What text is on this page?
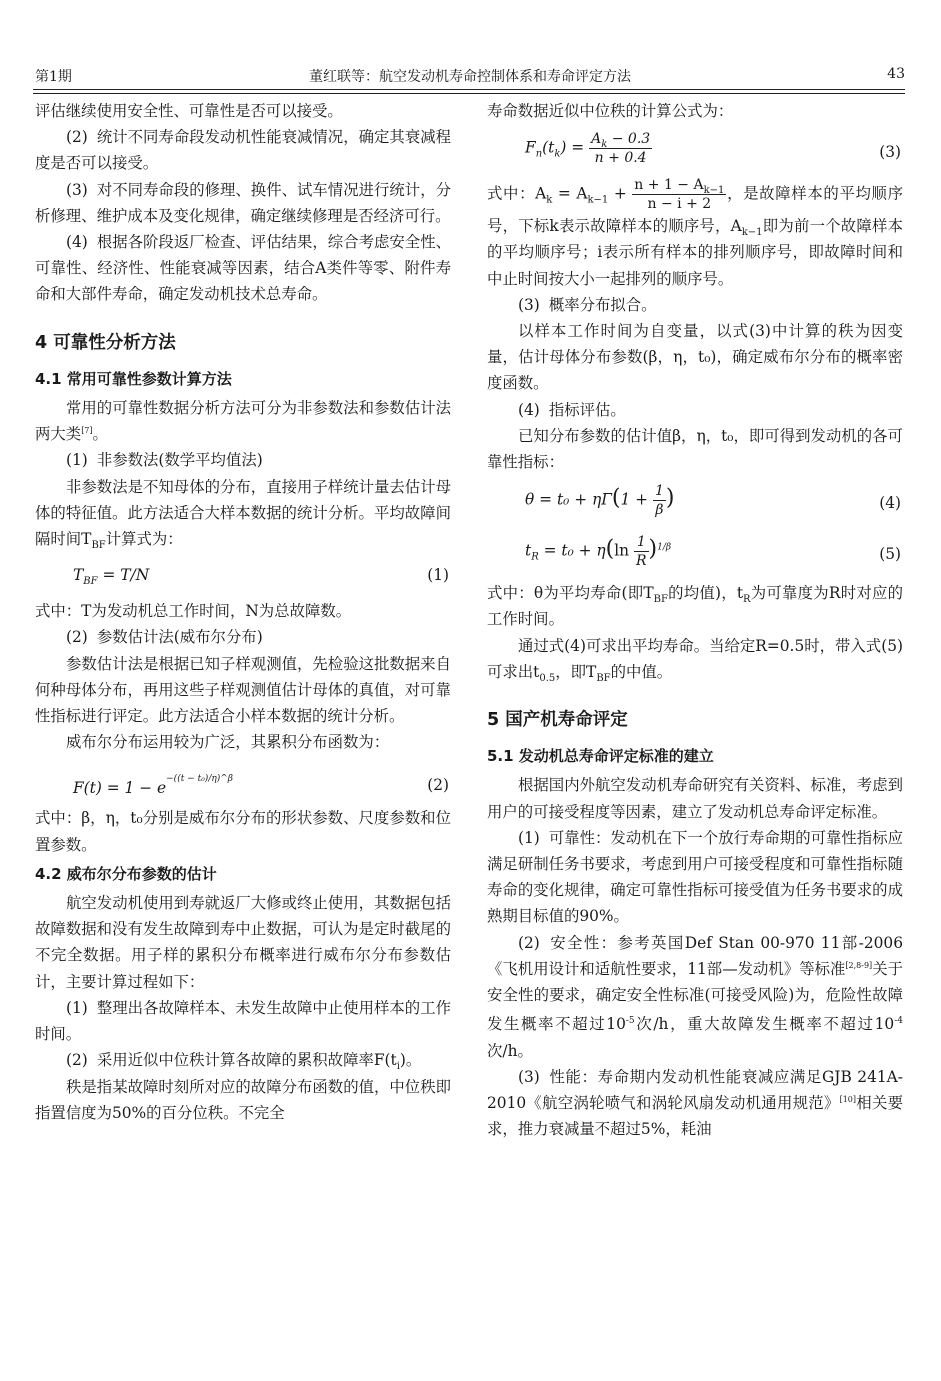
第1期	董红联等：航空发动机寿命控制体系和寿命评定方法	43

评估继续使用安全性、可靠性是否可以接受。

(2) 统计不同寿命段发动机性能衰减情况，确定其衰减程度是否可以接受。

(3) 对不同寿命段的修理、换件、试车情况进行统计，分析修理、维护成本及变化规律，确定继续修理是否经济可行。

(4) 根据各阶段返厂检查、评估结果，综合考虑安全性、可靠性、经济性、性能衰减等因素，结合A类件等零、附件寿命和大部件寿命，确定发动机技术总寿命。

4 可靠性分析方法
4.1 常用可靠性参数计算方法

常用的可靠性数据分析方法可分为非参数法和参数估计法两大类[7]。

(1) 非参数法(数学平均值法)

非参数法是不知母体的分布，直接用子样统计量去估计母体的特征值。此方法适合大样本数据的统计分析。平均故障间隔时间$T_{BF}$计算式为：

$T_{BF} = T/N$	(1)

式中：T为发动机总工作时间，N为总故障数。

(2) 参数估计法(威布尔分布)

参数估计法是根据已知子样观测值，先检验这批数据来自何种母体分布，再用这些子样观测值估计母体的真值，对可靠性指标进行评定。此方法适合小样本数据的统计分析。

威布尔分布运用较为广泛，其累积分布函数为：

$F(t) = 1 - e^{-((t - t_0)/\eta)\^{}\beta}$	(2)

式中：β，η，t₀分别是威布尔分布的形状参数、尺度参数和位置参数。

4.2 威布尔分布参数的估计

航空发动机使用到寿就返厂大修或终止使用，其数据包括故障数据和没有发生故障到寿中止数据，可认为是定时截尾的不完全数据。用子样的累积分布概率进行威布尔分布参数估计，主要计算过程如下：

(1) 整理出各故障样本、未发生故障中止使用样本的工作时间。

(2) 采用近似中位秩计算各故障的累积故障率$F(t_i)$。

秩是指某故障时刻所对应的故障分布函数的值，中位秩即指置信度为50%的百分位秩。不完全

寿命数据近似中位秩的计算公式为：

$F_n(t_k) = \frac{A_k - 0.3}{n + 0.4}$	(3)

式中：$A_k = A_{k-1} + \frac{n + 1 - A_{k-1}}{n - i + 2}$ ，是故障样本的平均顺序号，下标k表示故障样本的顺序号，$A_{k-1}$即为前一个故障样本的平均顺序号；i表示所有样本的排列顺序号，即故障时间和中止时间按大小一起排列的顺序号。

(3) 概率分布拟合。

以样本工作时间为自变量，以式(3)中计算的秩为因变量，估计母体分布参数(β，η，t₀)，确定威布尔分布的概率密度函数。

(4) 指标评估。

已知分布参数的估计值β，η，t₀，即可得到发动机的各可靠性指标：

$\theta = t_0 + \eta\Gamma(1 + \frac{1}{\beta}$ )	(4)
$t_R = t_0 + \eta(\ln \frac{1}{R} )^{1/\beta}$	(5)

式中：θ为平均寿命(即$T_{BF}$的均值)，$t_R$为可靠度为R时对应的工作时间。

通过式(4)可求出平均寿命。当给定R=0.5时，带入式(5)可求出$t_{0.5}$，即$T_{BF}$的中值。

5 国产机寿命评定
5.1 发动机总寿命评定标准的建立

根据国内外航空发动机寿命研究有关资料、标准，考虑到用户的可接受程度等因素，建立了发动机总寿命评定标准。

(1) 可靠性：发动机在下一个放行寿命期的可靠性指标应满足研制任务书要求，考虑到用户可接受程度和可靠性指标随寿命的变化规律，确定可靠性指标可接受值为任务书要求的成熟期目标值的90%。

(2) 安全性：参考英国Def Stan 00-970 11部-2006《飞机用设计和适航性要求，11部—发动机》等标准[2,8-9]关于安全性的要求，确定安全性标准(可接受风险)为，危险性故障发生概率不超过$10^{-5}$次/h，重大故障发生概率不超过$10^{-4}$次/h。

(3) 性能：寿命期内发动机性能衰减应满足GJB 241A-2010《航空涡轮喷气和涡轮风扇发动机通用规范》[10]相关要求，推力衰减量不超过5%，耗油
